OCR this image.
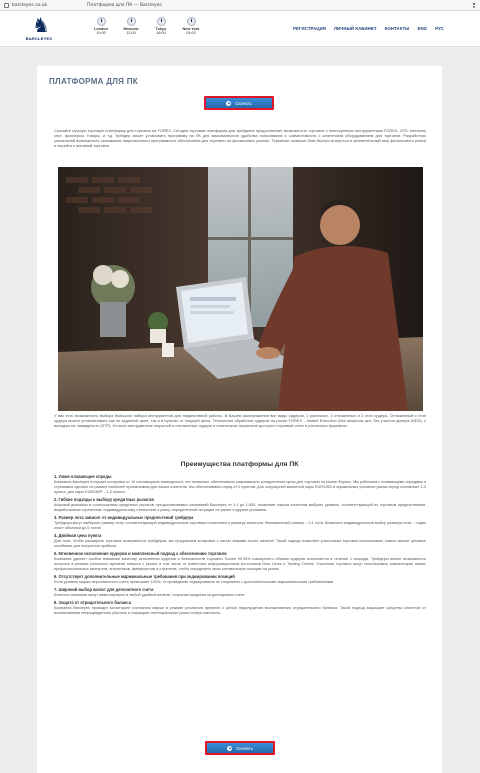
barcleyes.co.uk	Платформа для ПК — Barcleyes
♞
BARCLEYES
London
19:00
Moscow
12:00
Tokyo
18:00
New York
04:00
РЕГИСТРАЦИЯ ЛИЧНЫЙ КАБИНЕТ КОНТАКТЫ ENG РУС
ПЛАТФОРМА ДЛЯ ПК
Скачать

Скачайте лучшую торговую платформу для торговли на FOREX. Сегодня торговая платформа для трейдинга предоставляет возможность торговли с полноценным инструментами FOREX, CFD, металлы спот, фьючерсы, товары, и т.д. Трейдер может установить программу на ПК для максимального удобства пользования и совместимости с клиентским оборудованием для торговли. Разработчик уникальной возможность скачивания лицензионного программного обеспечения для торговли на финансовых рынках. Терминал позволит Вам быстро втянуться в увлекательный мир финансового рынка и перейти к активной торговле.

У вас есть возможность выбора большого набора инструментов для эффективной работы. В Вашем распоряжении все виды ордеров, 2 рыночных, 4 отложенных и 2 стоп ордера. Отложенный и стоп ордера можно устанавливать как по заданной цене, так и в пунктах от текущей цены. Технология обработки ордеров на рынке FOREX – Instant Execution (без запросов цен, без участия дилера (NDD), с выходом на ликвидность (STP). На всех инструментах открытый и отложенные ордеры в клиентском терминале доступен торговый отчет в различных форматах.

Преимущества платформы для ПК
1. Узкие плавающие спреды
Компания Barcleyes получает котировки от 16 поставщиков ликвидности, что позволяет обеспечивать максимально конкурентные цены для торговли на рынке Форекс. Мы работаем с плавающими спредами и стремимся сделать их размер наиболее приемлемым для наших клиентов. Мы обеспечиваем спред от 0 пунктов. Для популярной валютной пары EUR/USD в нормальных условиях рынка спред составляет 1-3 пункта, для пары EUR/GBP – 1-2 пункта.
2. Гибкие подходы к выбору кредитных рычагов
Широкий диапазон в соотношениях кредитных рычагов, предоставляемых компанией Barcleyes от 1:1 до 1:500, позволяет нашим клиентам выбрать уровень, соответствующий их торговым предпочтениям, выработанным стратегиям, индивидуальному отношению к риску, определенной ситуации на рынке и другим условиям.
3. Размер лота зависит от индивидуальных предпочтений трейдера
Трейдеры могут выбирать размер лота, соответствующий индивидуальным торговым стратегиям и размеру капитала. Минимальный размер – 0,1 лота. Возможен индивидуальный выбор размера лота – «один клик» объемом до 5 лотов.
4. Двойная цена пункта
Для лота, чтобы расширить торговые возможности трейдеров, мы предлагаем котировки с пятью знаками после запятой. Такой подход позволяет участникам торговли использовать самые малые ценовые колебания для получения прибыли.
5. Мгновенное исполнение ордеров и комплексный подход к обеспечению торговли
Компания уделяет особое внимание качеству исполнения ордеров и безопасности торговли. Более 99,35% совокупного объема ордеров исполняется в течение 1 секунды. Трейдеры имеют возможность получать в режиме реального времени новости с рынка, в том числе от известных информационных источников Dow Jones и Trading Central. Участники торговли могут использовать комментарии наших профессиональных экспертов, аналитиков, финансистов и стратегов, чтобы определить свою оптимальную позицию на рынке.
6. Отсутствует дополнительные маржинальные требования при хеджировании позиций
Если уровень маржи персонального счета превышает 100%, то проведение хеджирования не сопряжено с дополнительными маржинальными требованиями.
7. Широкий выбор валют для депозитного счета
Клиенты компании могут инвестировать в любой удобной валюте, сохраняя средства на долларовом счете.
8. Защита от отрицательного баланса
Компания Barcleyes проводит мониторинг состояния маржи в режиме реального времени с целью недопущения возникновения отрицательного баланса. Такой подход защищает средства клиентов от возникновения непредвиденных убытков и сокращает потенциальные риски потери капитала.
Скачать
